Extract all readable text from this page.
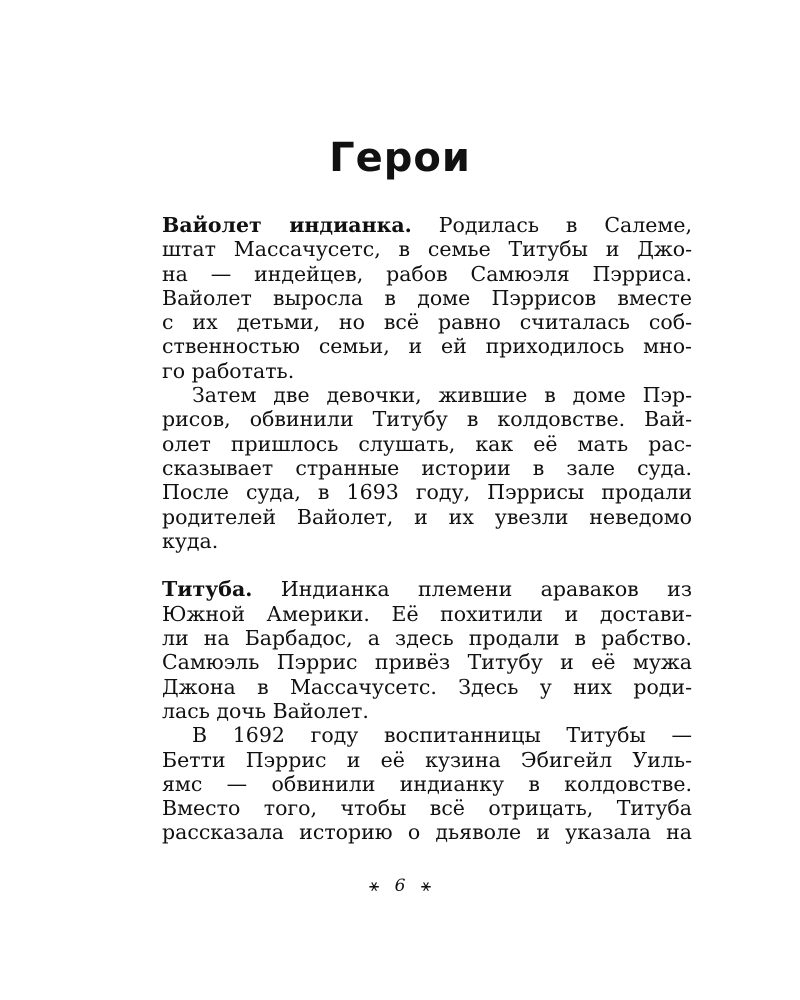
Герои
Вайолет индианка. Родилась в Салеме,
штат Массачусетс, в семье Титубы и Джо-
на — индейцев, рабов Самюэля Пэрриса.
Вайолет выросла в доме Пэррисов вместе
с их детьми, но всё равно считалась соб-
ственностью семьи, и ей приходилось мно-
го работать.
Затем две девочки, жившие в доме Пэр-
рисов, обвинили Титубу в колдовстве. Вай-
олет пришлось слушать, как её мать рас-
сказывает странные истории в зале суда.
После суда, в 1693 году, Пэррисы продали
родителей Вайолет, и их увезли неведомо
куда.
Титуба. Индианка племени араваков из
Южной Америки. Её похитили и достави-
ли на Барбадос, а здесь продали в рабство.
Самюэль Пэррис привёз Титубу и её мужа
Джона в Массачусетс. Здесь у них роди-
лась дочь Вайолет.
В 1692 году воспитанницы Титубы —
Бетти Пэррис и её кузина Эбигейл Уиль-
ямс — обвинили индианку в колдовстве.
Вместо того, чтобы всё отрицать, Титуба
рассказала историю о дьяволе и указала на
⚹ 6 ⚹
